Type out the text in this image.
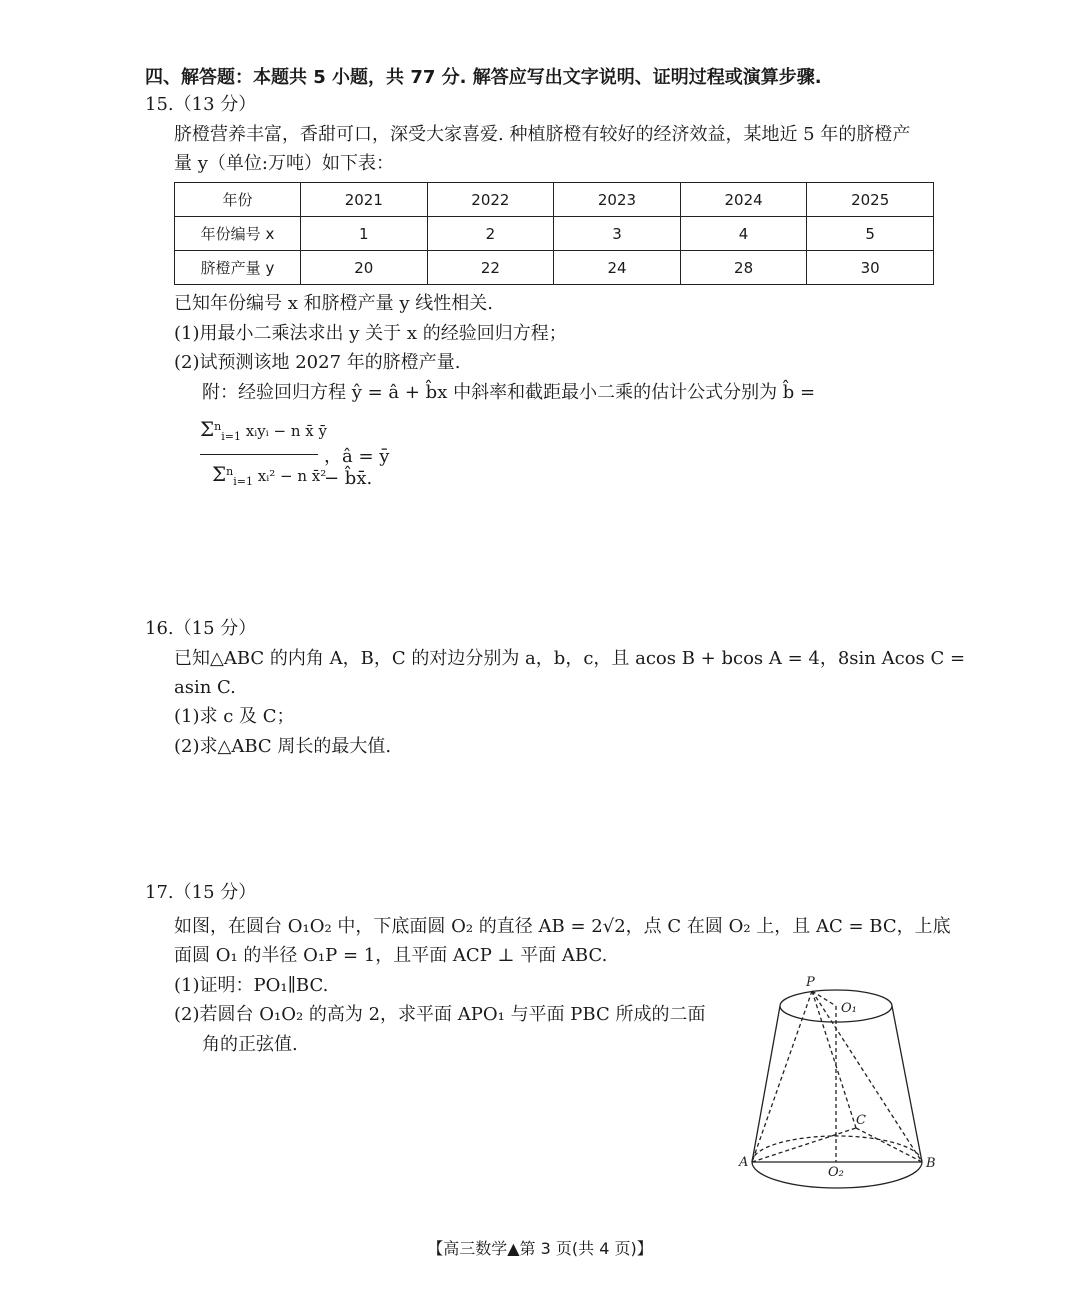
四、解答题：本题共 5 小题，共 77 分. 解答应写出文字说明、证明过程或演算步骤.
15.（13 分）
脐橙营养丰富，香甜可口，深受大家喜爱. 种植脐橙有较好的经济效益，某地近 5 年的脐橙产
量 y（单位:万吨）如下表：
年份	2021	2022	2023	2024	2025
年份编号 x	1	2	3	4	5
脐橙产量 y	20	22	24	28	30
已知年份编号 x 和脐橙产量 y 线性相关.
(1)用最小二乘法求出 y 关于 x 的经验回归方程；
(2)试预测该地 2027 年的脐橙产量.
附：经验回归方程 ŷ = â + b̂x 中斜率和截距最小二乘的估计公式分别为 b̂ =
$\Sigma^n_{i=1}$ xᵢyᵢ − n x̄ ȳ
$\Sigma^n_{i=1}$ xᵢ² − n x̄²
，â = ȳ − b̂x̄.
16.（15 分）
已知△ABC 的内角 A，B，C 的对边分别为 a，b，c，且 acos B + bcos A = 4，8sin Acos C =
asin C.
(1)求 c 及 C；
(2)求△ABC 周长的最大值.
17.（15 分）
如图，在圆台 O₁O₂ 中，下底面圆 O₂ 的直径 AB = 2√2，点 C 在圆 O₂ 上，且 AC = BC，上底
面圆 O₁ 的半径 O₁P = 1，且平面 ACP ⊥ 平面 ABC.
(1)证明：PO₁∥BC.
(2)若圆台 O₁O₂ 的高为 2，求平面 APO₁ 与平面 PBC 所成的二面
角的正弦值.
P
O₁
C
A	B
O₂
【高三数学▲第 3 页(共 4 页)】
